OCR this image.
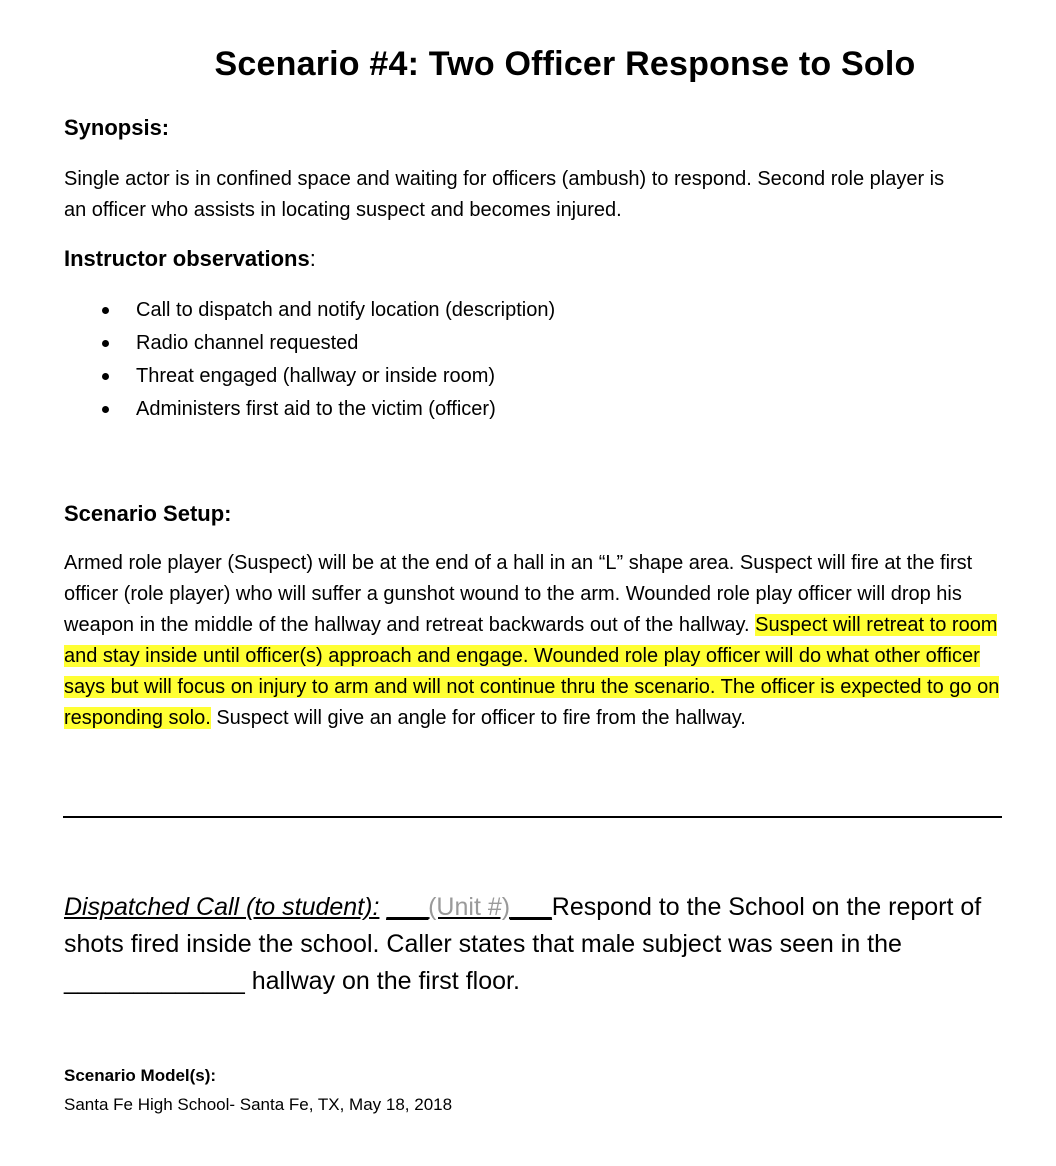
Scenario #4: Two Officer Response to Solo
Synopsis:
Single actor is in confined space and waiting for officers (ambush) to respond. Second role player is an officer who assists in locating suspect and becomes injured.
Instructor observations:
Call to dispatch and notify location (description)
Radio channel requested
Threat engaged (hallway or inside room)
Administers first aid to the victim (officer)
Scenario Setup:
Armed role player (Suspect) will be at the end of a hall in an “L” shape area. Suspect will fire at the first officer (role player) who will suffer a gunshot wound to the arm. Wounded role play officer will drop his weapon in the middle of the hallway and retreat backwards out of the hallway. Suspect will retreat to room and stay inside until officer(s) approach and engage. Wounded role play officer will do what other officer says but will focus on injury to arm and will not continue thru the scenario. The officer is expected to go on responding solo. Suspect will give an angle for officer to fire from the hallway.
Dispatched Call (to student): ___(Unit #)___Respond to the School on the report of shots fired inside the school. Caller states that male subject was seen in the _____________ hallway on the first floor.
Scenario Model(s):
Santa Fe High School- Santa Fe, TX, May 18, 2018
